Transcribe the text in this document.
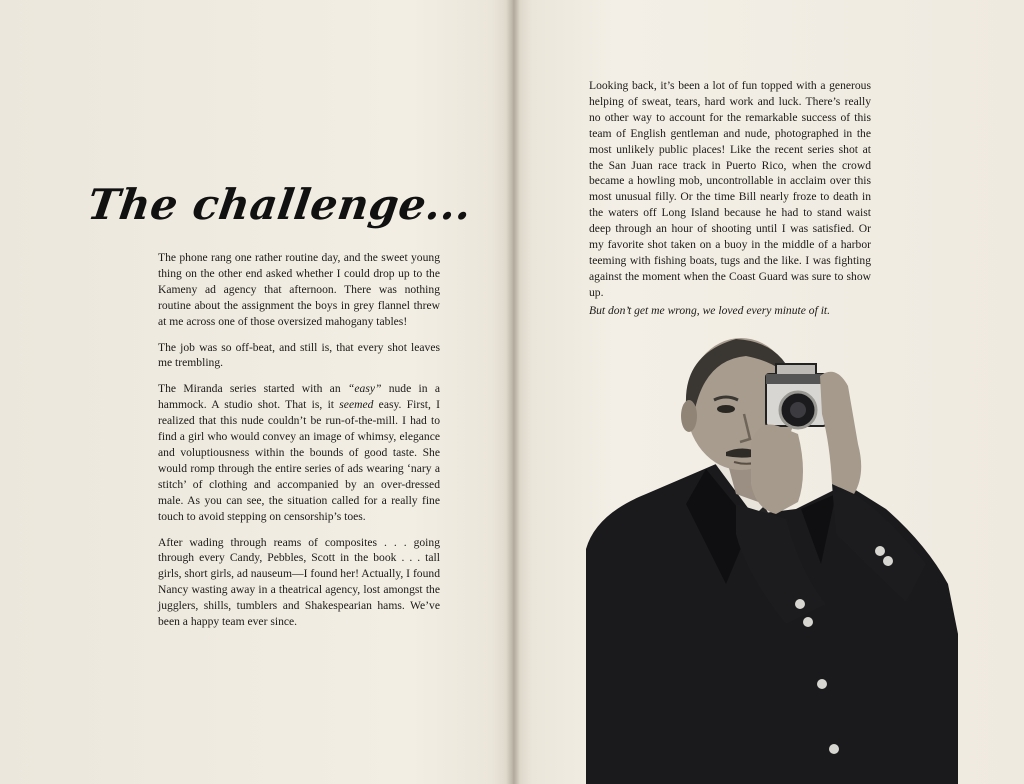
The challenge...

The phone rang one rather routine day, and the sweet young thing on the other end asked whether I could drop up to the Kameny ad agency that afternoon. There was nothing routine about the assignment the boys in grey flannel threw at me across one of those oversized mahogany tables!

The job was so off-beat, and still is, that every shot leaves me trembling.

The Miranda series started with an “easy” nude in a hammock. A studio shot. That is, it seemed easy. First, I realized that this nude couldn’t be run-of-the-mill. I had to find a girl who would convey an image of whimsy, elegance and voluptiousness within the bounds of good taste. She would romp through the entire series of ads wearing ‘nary a stitch’ of clothing and accompanied by an over-dressed male. As you can see, the situation called for a really fine touch to avoid stepping on censorship’s toes.

After wading through reams of composites . . . going through every Candy, Pebbles, Scott in the book . . . tall girls, short girls, ad nauseum—I found her! Actually, I found Nancy wasting away in a theatrical agency, lost amongst the jugglers, shills, tumblers and Shakespearian hams. We’ve been a happy team ever since.

Looking back, it’s been a lot of fun topped with a generous helping of sweat, tears, hard work and luck. There’s really no other way to account for the remarkable success of this team of English gentleman and nude, photographed in the most unlikely public places! Like the recent series shot at the San Juan race track in Puerto Rico, when the crowd became a howling mob, uncontrollable in acclaim over this most unusual filly. Or the time Bill nearly froze to death in the waters off Long Island because he had to stand waist deep through an hour of shooting until I was satisfied. Or my favorite shot taken on a buoy in the middle of a harbor teeming with fishing boats, tugs and the like. I was fighting against the moment when the Coast Guard was sure to show up.

But don’t get me wrong, we loved every minute of it.
